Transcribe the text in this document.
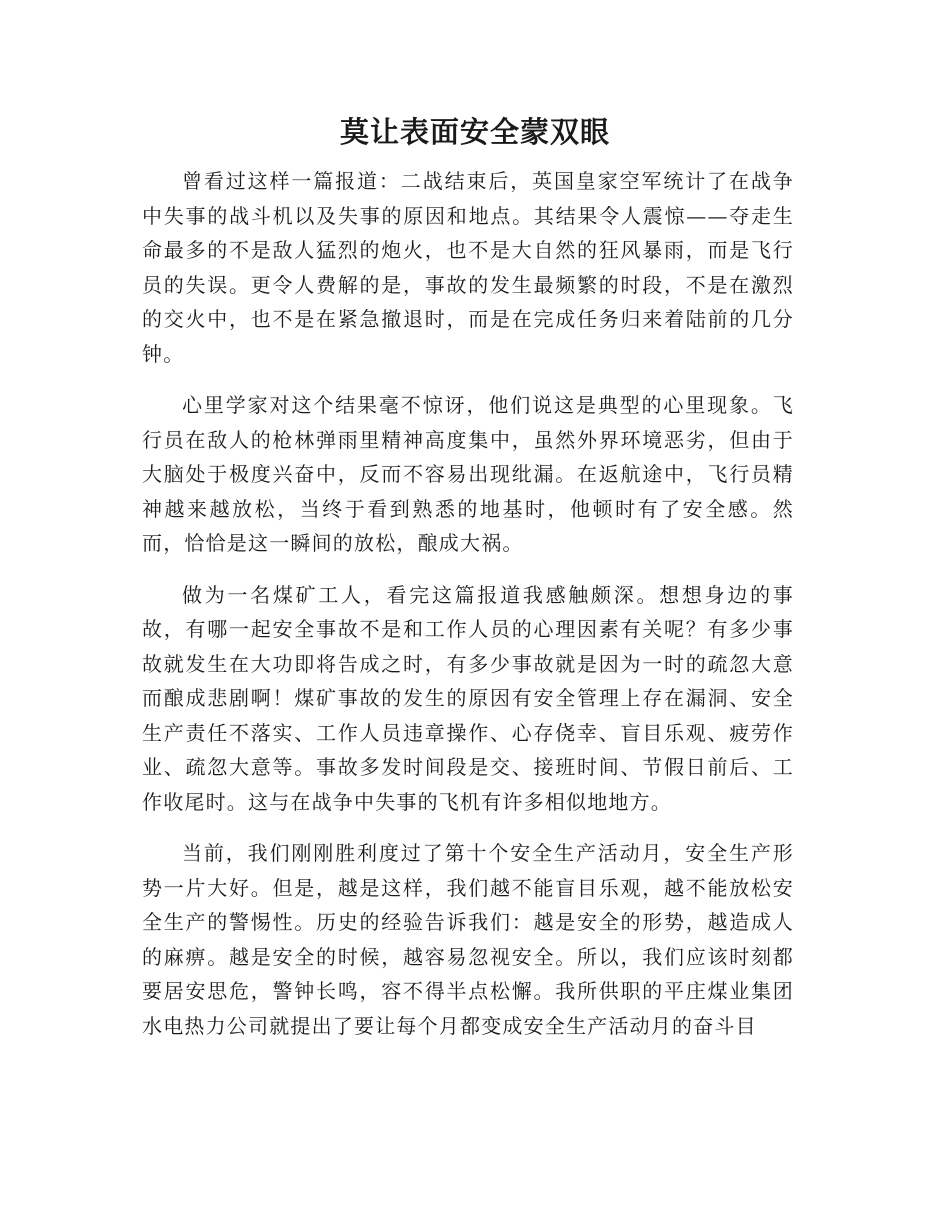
莫让表面安全蒙双眼

曾看过这样一篇报道：二战结束后，英国皇家空军统计了在战争中失事的战斗机以及失事的原因和地点。其结果令人震惊——夺走生命最多的不是敌人猛烈的炮火，也不是大自然的狂风暴雨，而是飞行员的失误。更令人费解的是，事故的发生最频繁的时段，不是在激烈的交火中，也不是在紧急撤退时，而是在完成任务归来着陆前的几分钟。

心里学家对这个结果毫不惊讶，他们说这是典型的心里现象。飞行员在敌人的枪林弹雨里精神高度集中，虽然外界环境恶劣，但由于大脑处于极度兴奋中，反而不容易出现纰漏。在返航途中，飞行员精神越来越放松，当终于看到熟悉的地基时，他顿时有了安全感。然而，恰恰是这一瞬间的放松，酿成大祸。

做为一名煤矿工人，看完这篇报道我感触颇深。想想身边的事故，有哪一起安全事故不是和工作人员的心理因素有关呢？有多少事故就发生在大功即将告成之时，有多少事故就是因为一时的疏忽大意而酿成悲剧啊！煤矿事故的发生的原因有安全管理上存在漏洞、安全生产责任不落实、工作人员违章操作、心存侥幸、盲目乐观、疲劳作业、疏忽大意等。事故多发时间段是交、接班时间、节假日前后、工作收尾时。这与在战争中失事的飞机有许多相似地地方。

当前，我们刚刚胜利度过了第十个安全生产活动月，安全生产形势一片大好。但是，越是这样，我们越不能盲目乐观，越不能放松安全生产的警惕性。历史的经验告诉我们：越是安全的形势，越造成人的麻痹。越是安全的时候，越容易忽视安全。所以，我们应该时刻都要居安思危，警钟长鸣，容不得半点松懈。我所供职的平庄煤业集团水电热力公司就提出了要让每个月都变成安全生产活动月的奋斗目
